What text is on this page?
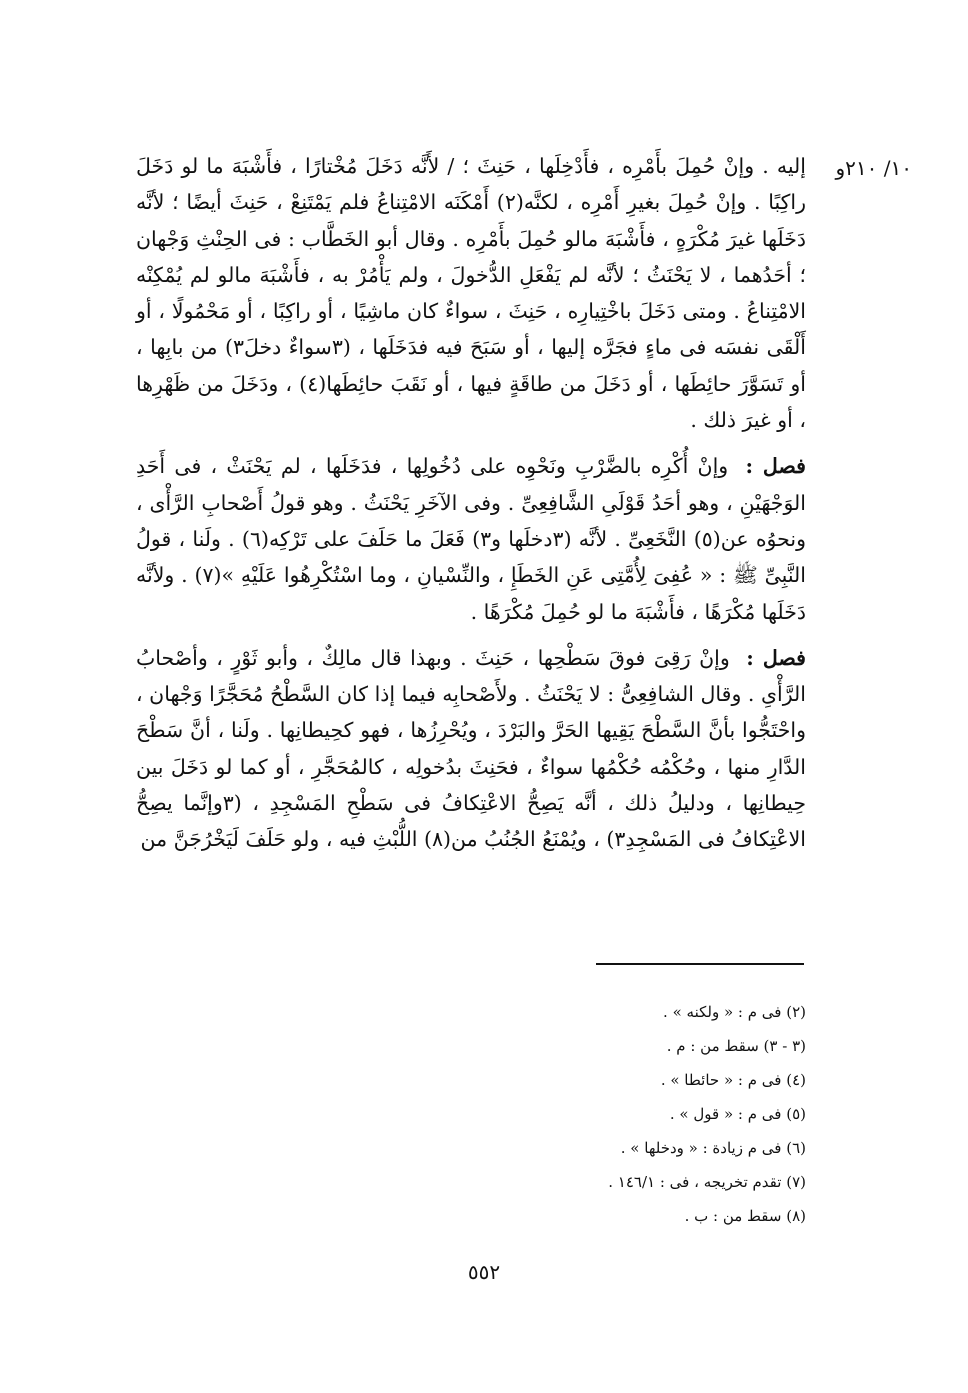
١٠/ ٢١٠و

إليه . وإنْ حُمِلَ بأَمْرِه ، فأَدْخِلَها ، حَنِثَ ؛ / لأَنَّه دَخَلَ مُخْتارًا ، فأَشْبَهَ ما لو دَخَلَ راكِبًا . وإنْ حُمِلَ بغيرِ أَمْرِه ، لكنَّه(٢) أَمْكَنَه الامْتِناعُ فلم يَمْتَنِعْ ، حَنِثَ أيضًا ؛ لأنَّه دَخَلَها غيرَ مُكْرَهٍ ، فأَشْبَهَ مالو حُمِلَ بأَمْرِه . وقال أبو الخَطَّاب : فى الحِنْثِ وَجْهان ؛ أحَدُهما ، لا يَحْنَثُ ؛ لأنَّه لم يَفْعَلِ الدُّخولَ ، ولم يَأْمُرْ به ، فأَشْبَهَ مالو لم يُمْكِنْه الامْتِناعُ . ومتى دَخَلَ باخْتِيارِه ، حَنِثَ ، سواءٌ كان ماشِيًا ، أو راكِبًا ، أو مَحْمُولًا ، أو أَلْقَى نفسَه فى ماءٍ فجَرَّه إليها ، أو سَبَحَ فيه فدَخَلَها ، (٣سواءٌ دخلَ٣) من بابِها ، أو تَسَوَّرَ حائِطَها ، أو دَخَلَ من طاقَةٍ فيها ، أو نَقَبَ حائِطَها(٤) ، ودَخَلَ من ظَهْرِها ، أو غيرَ ذلك .

فصل : وإنْ أُكْرِه بالضَّرْبِ ونَحْوِه على دُخُولِها ، فدَخَلَها ، لم يَحْنَثْ ، فى أَحَدِ الوَجْهَيْنِ ، وهو أحَدُ قَوْلَىِ الشَّافِعِىِّ . وفى الآخَرِ يَحْنَثُ . وهو قولُ أَصْحابِ الرَّأْى ، ونحوُه عن(٥) النَّخَعِىِّ . لأنَّه (٣دخلَها و٣) فَعَلَ ما حَلَفَ على تَرْكِه(٦) . ولَنا ، قولُ النَّبِىِّ ﷺ : « عُفِىَ لِأُمَّتِى عَنِ الخَطَإِ ، والنِّسْيانِ ، وما اسْتُكْرِهُوا عَلَيْهِ »(٧) . ولأنَّه دَخَلَها مُكْرَهًا ، فأَشْبَهَ ما لو حُمِلَ مُكْرَهًا .

فصل : وإنْ رَقِىَ فوقَ سَطْحِها ، حَنِثَ . وبهذا قال مالِكٌ ، وأبو ثَوْرٍ ، وأصْحابُ الرَّأْىِ . وقال الشافِعِىُّ : لا يَحْنَثُ . ولأَصْحابِه فيما إذا كان السَّطْحُ مُحَجَّرًا وَجْهان ، واحْتَجُّوا بأنَّ السَّطْحَ يَقِيها الحَرَّ والبَرْدَ ، ويُحْرِزُها ، فهو كحِيطانِها . ولَنا ، أنَّ سَطْحَ الدَّارِ منها ، وحُكْمُه حُكْمُها سواءٌ ، فحَنِثَ بدُخولِه ، كالمُحَجَّرِ ، أو كما لو دَخَلَ بين حِيطانِها ، ودليلُ ذلك ، أنَّه يَصِحُّ الاعْتِكافُ فى سَطْحِ المَسْجِدِ ، (٣وإنَّما يصِحُّ الاعْتِكافُ فى المَسْجِدِ٣) ، ويُمْنَعُ الجُنُبُ من(٨) اللُّبْثِ فيه ، ولو حَلَفَ لَيَخْرُجَنَّ من

(٢) فى م : « ولكنه » .
(٣ - ٣) سقط من : م .
(٤) فى م : « حائطا » .
(٥) فى م : « قول » .
(٦) فى م زيادة : « ودخلها » .
(٧) تقدم تخريجه ، فى : ١٤٦/١ .
(٨) سقط من : ب .
٥٥٢
